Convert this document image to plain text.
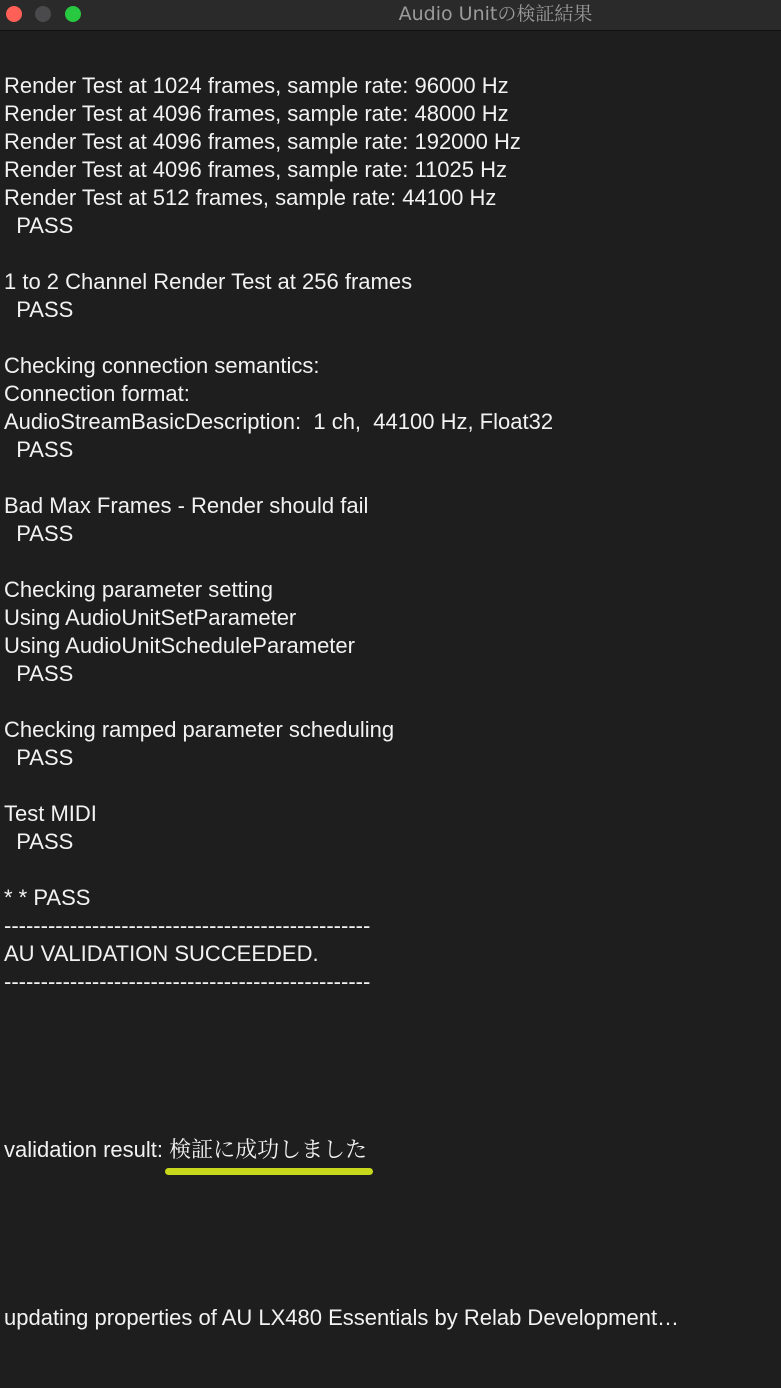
Audio Unitの検証結果

Render Test at 1024 frames, sample rate: 96000 Hz
Render Test at 4096 frames, sample rate: 48000 Hz
Render Test at 4096 frames, sample rate: 192000 Hz
Render Test at 4096 frames, sample rate: 11025 Hz
Render Test at 512 frames, sample rate: 44100 Hz
PASS
1 to 2 Channel Render Test at 256 frames
PASS
Checking connection semantics:
Connection format:
AudioStreamBasicDescription:  1 ch,  44100 Hz, Float32
PASS
Bad Max Frames - Render should fail
PASS
Checking parameter setting
Using AudioUnitSetParameter
Using AudioUnitScheduleParameter
PASS
Checking ramped parameter scheduling
PASS
Test MIDI
PASS
* * PASS
--------------------------------------------------
AU VALIDATION SUCCEEDED.
--------------------------------------------------

validation result: 検証に成功しました

updating properties of AU LX480 Essentials by Relab Development…
